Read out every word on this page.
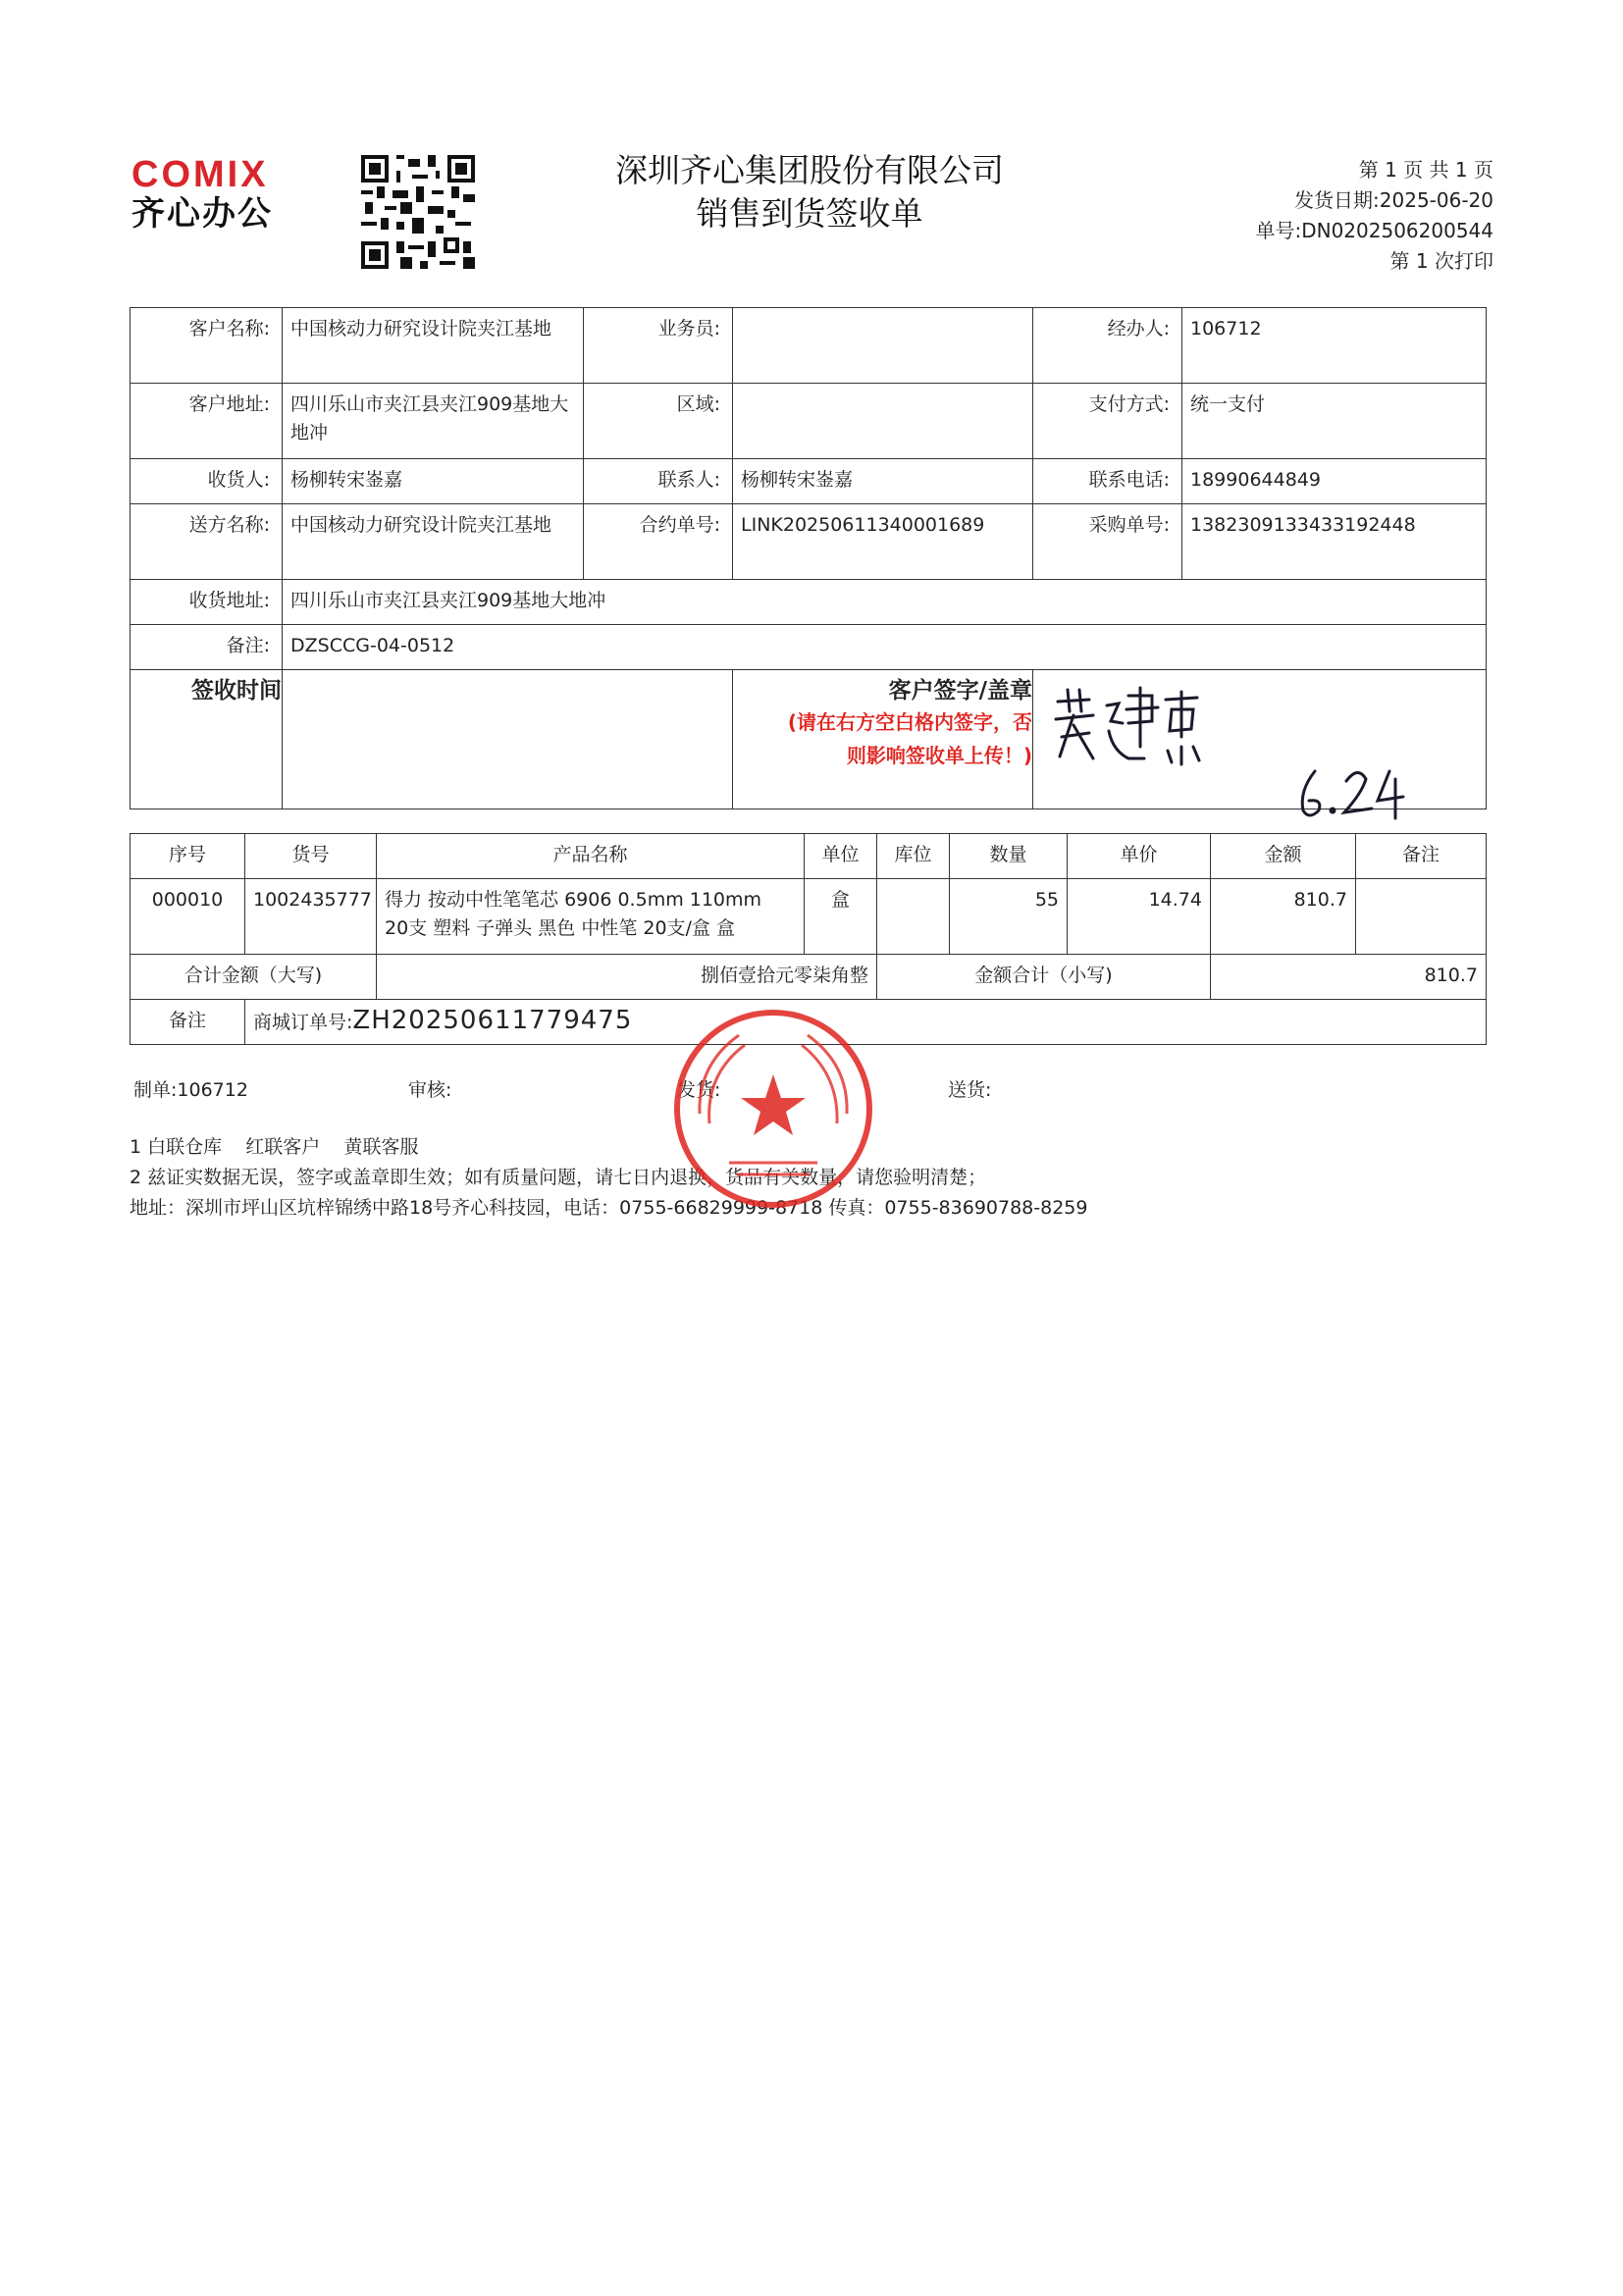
COMIX
齐心办公
深圳齐心集团股份有限公司
销售到货签收单
第 1 页 共 1 页
发货日期:2025-06-20
单号:DN0202506200544
第 1 次打印
客户名称:	中国核动力研究设计院夹江基地	业务员:		经办人:	106712
客户地址:	四川乐山市夹江县夹江909基地大地冲	区域:		支付方式:	统一支付
收货人:	杨柳转宋崟嘉	联系人:	杨柳转宋崟嘉	联系电话:	18990644849
送方名称:	中国核动力研究设计院夹江基地	合约单号:	LINK20250611340001689	采购单号:	1382309133433192448
收货地址:	四川乐山市夹江县夹江909基地大地冲				
备注:	DZSCCG-04-0512				
签收时间			客户签字/盖章
(请在右方空白格内签字，否
则影响签收单上传！)		

序号	货号	产品名称	单位	库位	数量	单价	金额	备注
000010	1002435777	得力 按动中性笔笔芯 6906 0.5mm 110mm
20支 塑料 子弹头 黑色 中性笔 20支/盒 盒	盒		55	14.74	810.7	
合计金额（大写)		捌佰壹拾元零柒角整		金额合计（小写)			810.7	
备注	商城订单号:ZH20250611779475							
制单:106712	审核:	发货:	送货:
1 白联仓库    红联客户    黄联客服
2 兹证实数据无误，签字或盖章即生效；如有质量问题，请七日内退换，货品有关数量，请您验明清楚；
地址：深圳市坪山区坑梓锦绣中路18号齐心科技园，电话：0755-66829999-8718 传真：0755-83690788-8259
